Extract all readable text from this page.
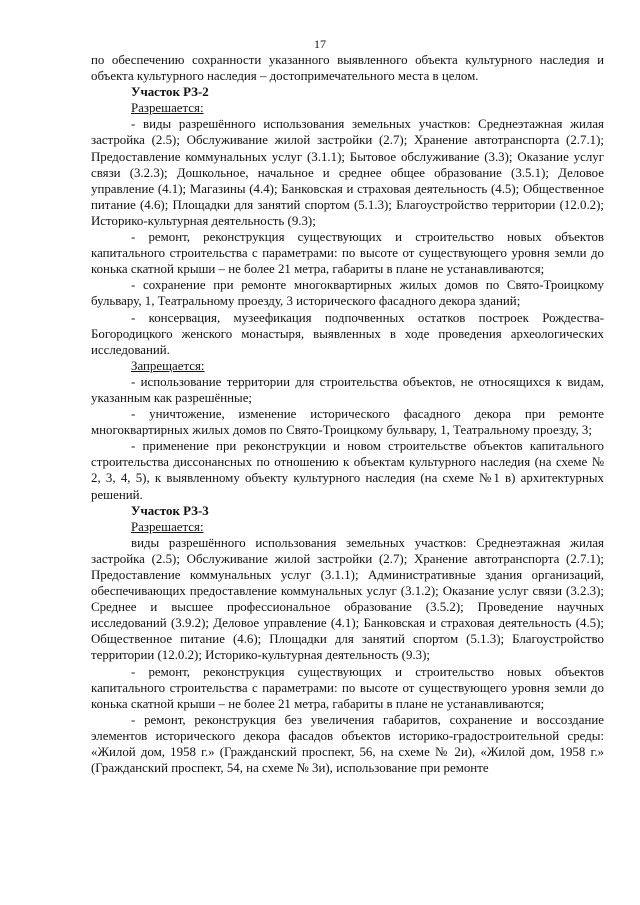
17

по обеспечению сохранности указанного выявленного объекта культурного наследия и объекта культурного наследия – достопримечательного места в целом.

Участок РЗ-2

Разрешается:

- виды разрешённого использования земельных участков: Среднеэтажная жилая застройка (2.5); Обслуживание жилой застройки (2.7); Хранение автотранспорта (2.7.1); Предоставление коммунальных услуг (3.1.1); Бытовое обслуживание (3.3); Оказание услуг связи (3.2.3); Дошкольное, начальное и среднее общее образование (3.5.1); Деловое управление (4.1); Магазины (4.4); Банковская и страховая деятельность (4.5); Общественное питание (4.6); Площадки для занятий спортом (5.1.3); Благоустройство территории (12.0.2); Историко-культурная деятельность (9.3);

- ремонт, реконструкция существующих и строительство новых объектов капитального строительства с параметрами: по высоте от существующего уровня земли до конька скатной крыши – не более 21 метра, габариты в плане не устанавливаются;

- сохранение при ремонте многоквартирных жилых домов по Свято-Троицкому бульвару, 1, Театральному проезду, 3 исторического фасадного декора зданий;

- консервация, музеефикация подпочвенных остатков построек Рождества-Богородицкого женского монастыря, выявленных в ходе проведения археологических исследований.

Запрещается:

- использование территории для строительства объектов, не относящихся к видам, указанным как разрешённые;

- уничтожение, изменение исторического фасадного декора при ремонте многоквартирных жилых домов по Свято-Троицкому бульвару, 1, Театральному проезду, 3;

- применение при реконструкции и новом строительстве объектов капитального строительства диссонансных по отношению к объектам культурного наследия (на схеме № 2, 3, 4, 5), к выявленному объекту культурного наследия (на схеме №1 в) архитектурных решений.

Участок РЗ-3

Разрешается:

виды разрешённого использования земельных участков: Среднеэтажная жилая застройка (2.5); Обслуживание жилой застройки (2.7); Хранение автотранспорта (2.7.1); Предоставление коммунальных услуг (3.1.1); Административные здания организаций, обеспечивающих предоставление коммунальных услуг (3.1.2); Оказание услуг связи (3.2.3); Среднее и высшее профессиональное образование (3.5.2); Проведение научных исследований (3.9.2); Деловое управление (4.1); Банковская и страховая деятельность (4.5); Общественное питание (4.6); Площадки для занятий спортом (5.1.3); Благоустройство территории (12.0.2); Историко-культурная деятельность (9.3);

- ремонт, реконструкция существующих и строительство новых объектов капитального строительства с параметрами: по высоте от существующего уровня земли до конька скатной крыши – не более 21 метра, габариты в плане не устанавливаются;

- ремонт, реконструкция без увеличения габаритов, сохранение и воссоздание элементов исторического декора фасадов объектов историко-градостроительной среды: «Жилой дом, 1958 г.» (Гражданский проспект, 56, на схеме № 2и), «Жилой дом, 1958 г.» (Гражданский проспект, 54, на схеме № 3и), использование при ремонте
